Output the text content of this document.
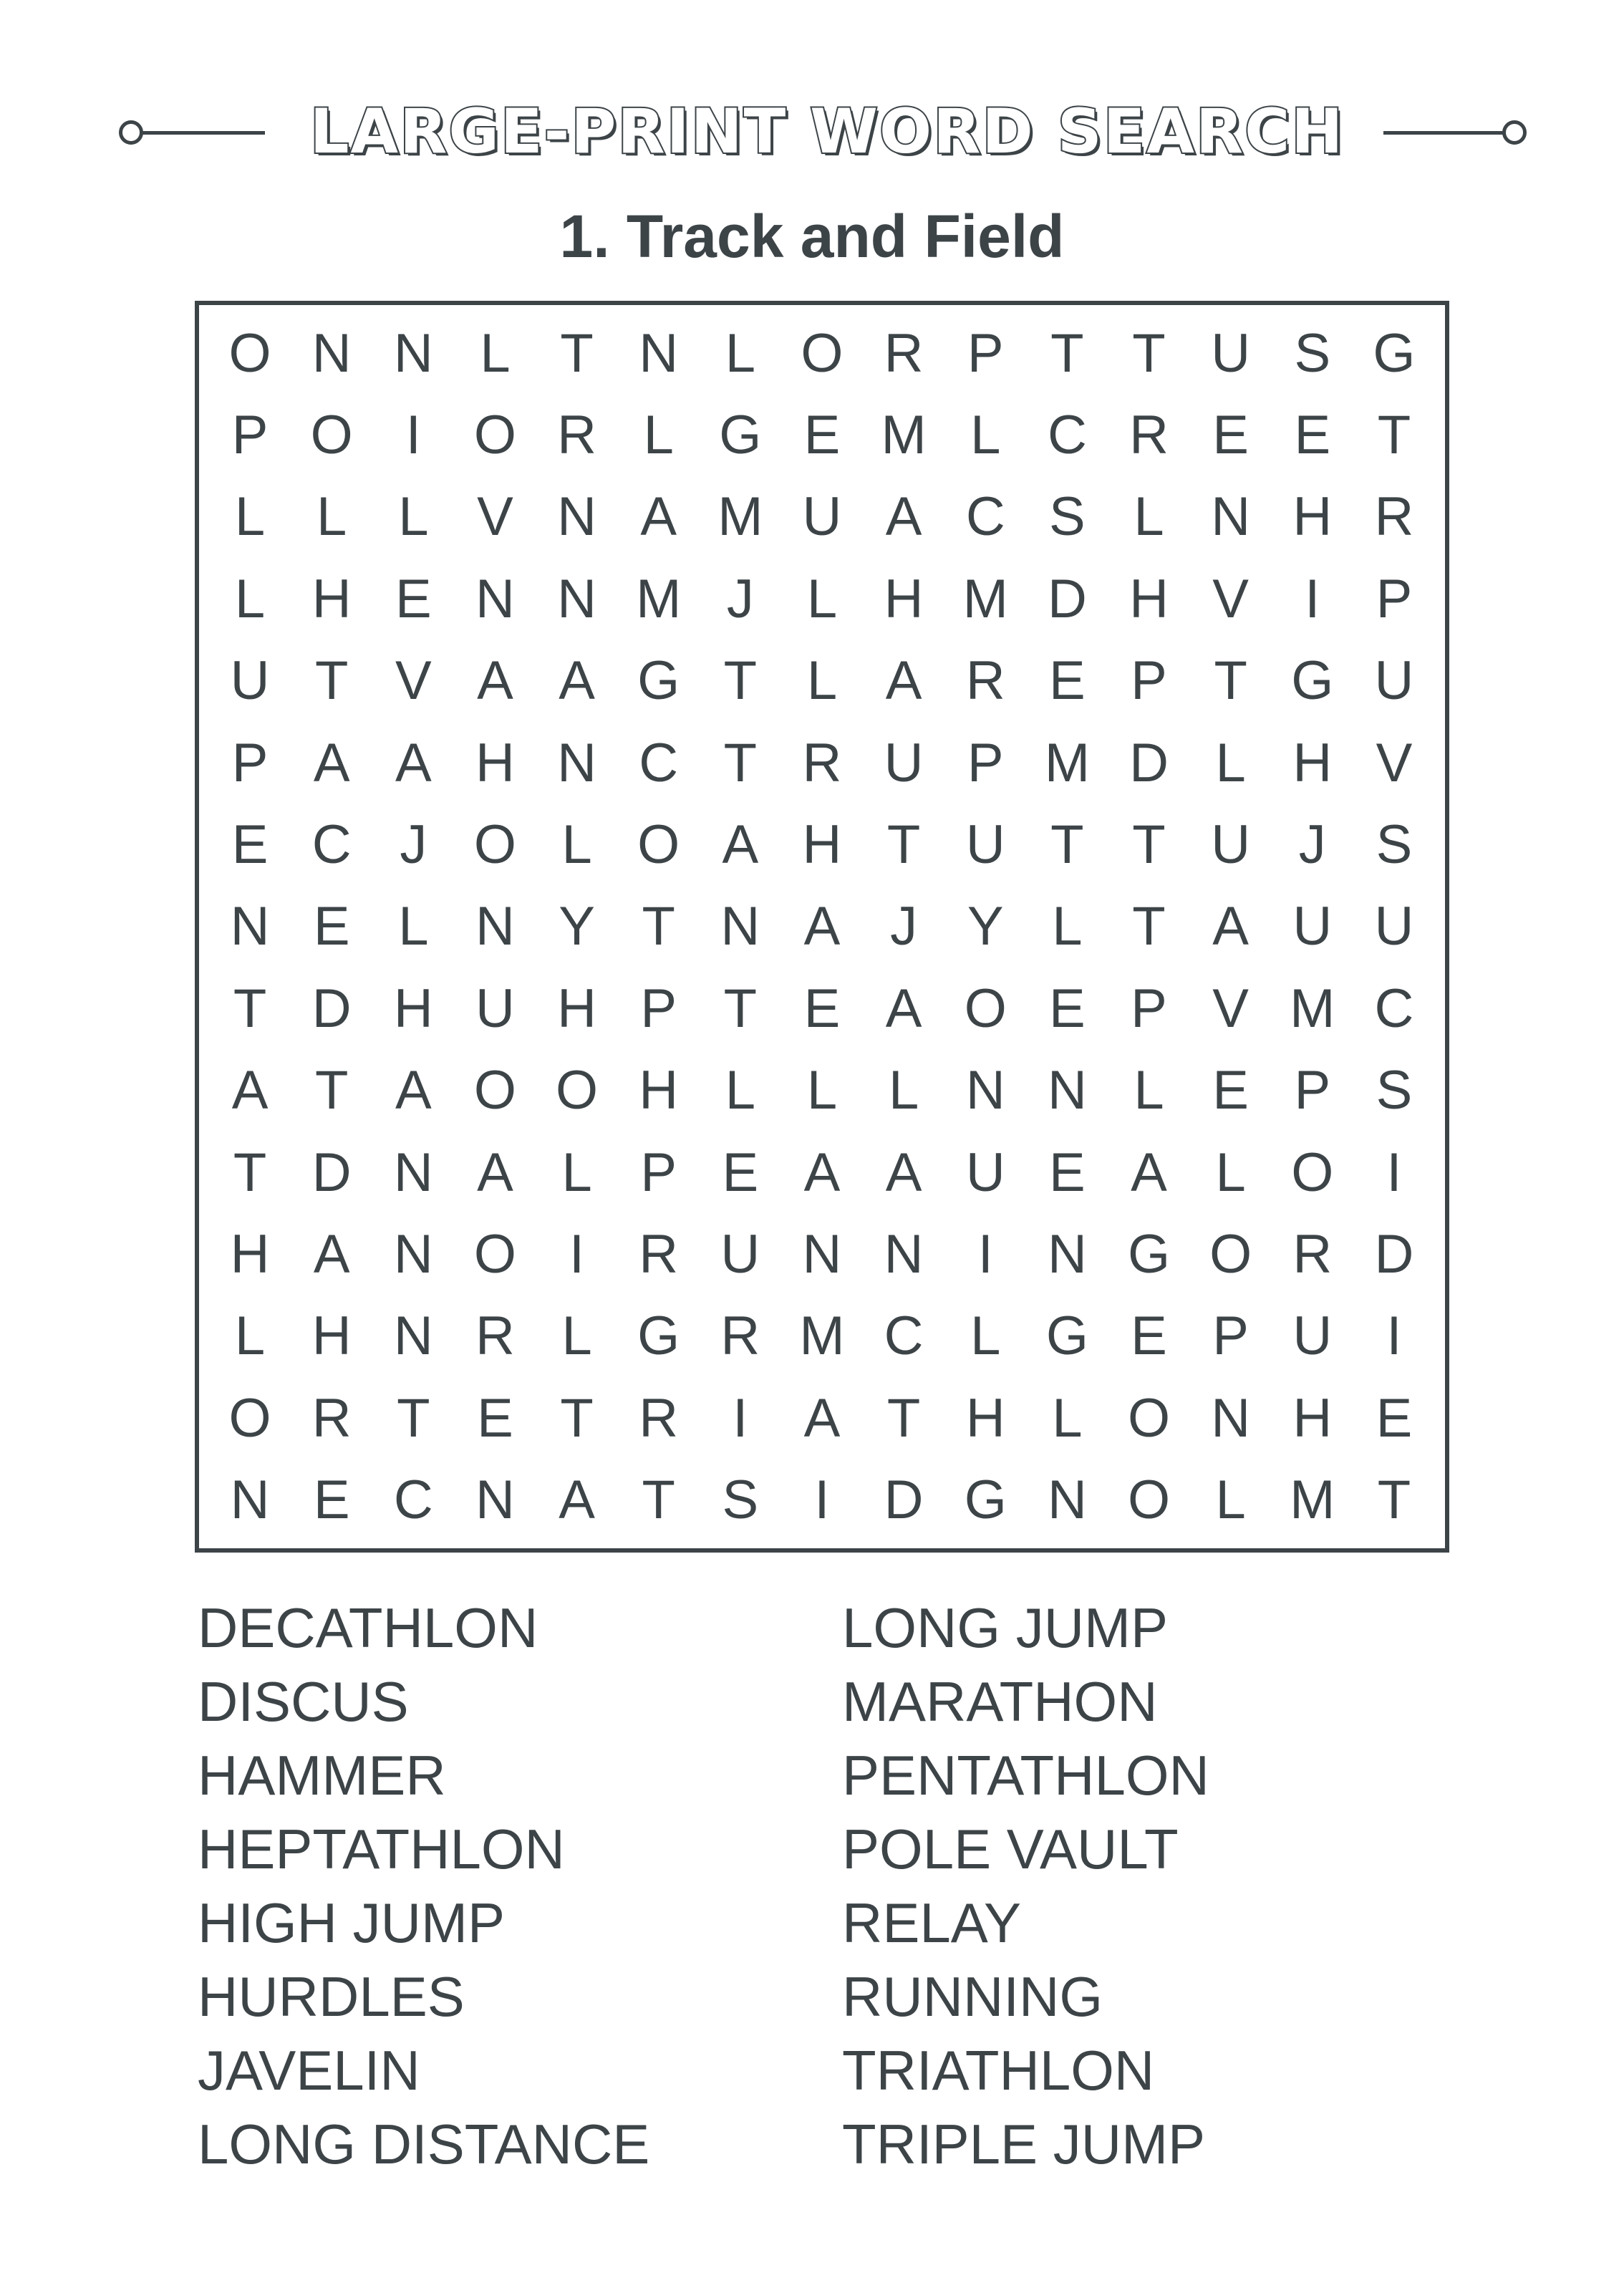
LARGE-PRINT WORD SEARCH
1. Track and Field
O N N L T N L O R P T T U S G
P O I O R L G E M L C R E E T
L L L V N A M U A C S L N H R
L H E N N M J L H M D H V	I	P
U T V A A G T L A R E P T G U
P A A H N C T R U P M D L H V
E C J O L O A H T U T T U J S
N E L N Y T N A J Y L T A U U
T D H U H P T E A O E P V M C
A T A O O H L L L N N L E P S
T D N A L P E A A U E A L O I
H A N O I	R U N N	I	N G O R D
L H N R L G R M C L G E P U	I
O R T E T R	I	A T H L O N H E
N E C N A T S	I	D G N O L M T
DECATHLON
DISCUS
HAMMER
HEPTATHLON
HIGH JUMP
HURDLES
JAVELIN
LONG DISTANCE
LONG JUMP
MARATHON
PENTATHLON
POLE VAULT
RELAY
RUNNING
TRIATHLON
TRIPLE JUMP
